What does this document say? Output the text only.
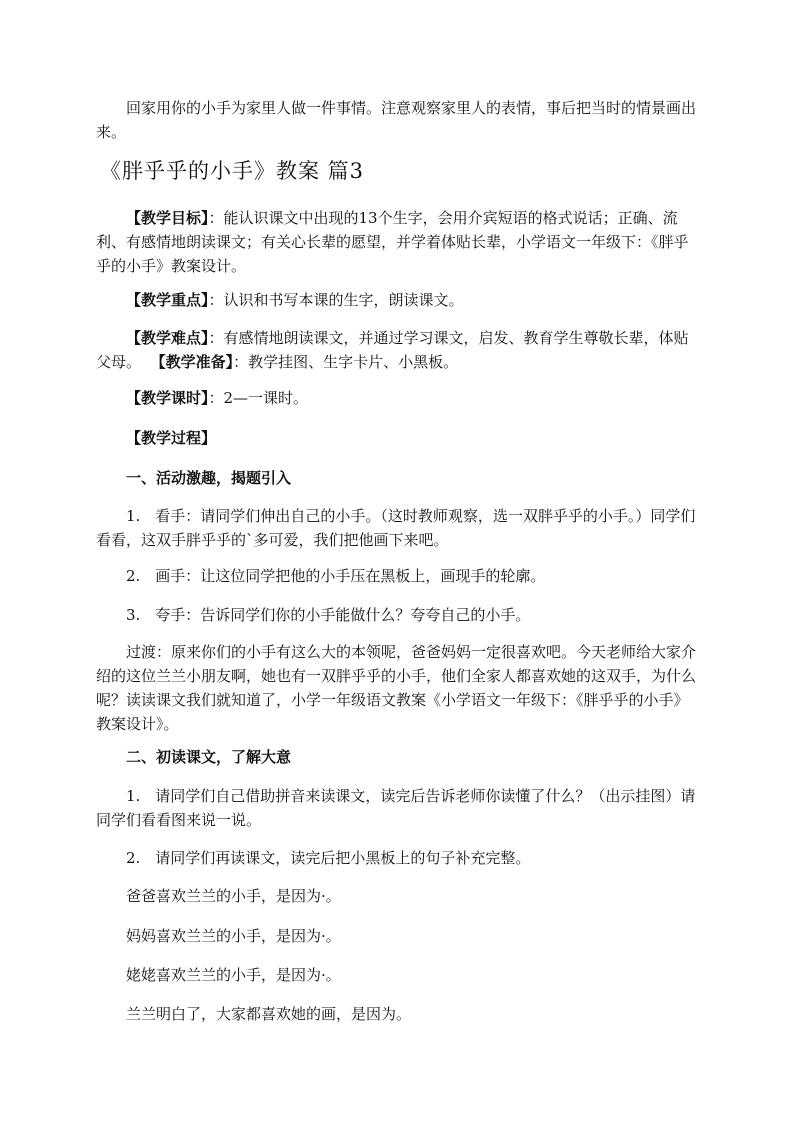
回家用你的小手为家里人做一件事情。注意观察家里人的表情，事后把当时的情景画出来。

《胖乎乎的小手》教案 篇3

【教学目标】：能认识课文中出现的13个生字，会用介宾短语的格式说话；正确、流利、有感情地朗读课文；有关心长辈的愿望，并学着体贴长辈，小学语文一年级下：《胖乎乎的小手》教案设计。

【教学重点】：认识和书写本课的生字，朗读课文。

【教学难点】：有感情地朗读课文，并通过学习课文，启发、教育学生尊敬长辈，体贴父母。 【教学准备】：教学挂图、生字卡片、小黑板。

【教学课时】：2—一课时。

【教学过程】

一、活动激趣，揭题引入

1.　看手：请同学们伸出自己的小手。（这时教师观察，选一双胖乎乎的小手。）同学们看看，这双手胖乎乎的`多可爱，我们把他画下来吧。

2.　画手：让这位同学把他的小手压在黑板上，画现手的轮廓。

3.　夸手：告诉同学们你的小手能做什么？夸夸自己的小手。

过渡：原来你们的小手有这么大的本领呢，爸爸妈妈一定很喜欢吧。今天老师给大家介绍的这位兰兰小朋友啊，她也有一双胖乎乎的小手，他们全家人都喜欢她的这双手，为什么呢？读读课文我们就知道了，小学一年级语文教案《小学语文一年级下：《胖乎乎的小手》教案设计》。

二、初读课文，了解大意

1.　请同学们自己借助拼音来读课文，读完后告诉老师你读懂了什么？（出示挂图）请同学们看看图来说一说。

2.　请同学们再读课文，读完后把小黑板上的句子补充完整。

爸爸喜欢兰兰的小手，是因为·。

妈妈喜欢兰兰的小手，是因为·。

姥姥喜欢兰兰的小手，是因为·。

兰兰明白了，大家都喜欢她的画，是因为。
